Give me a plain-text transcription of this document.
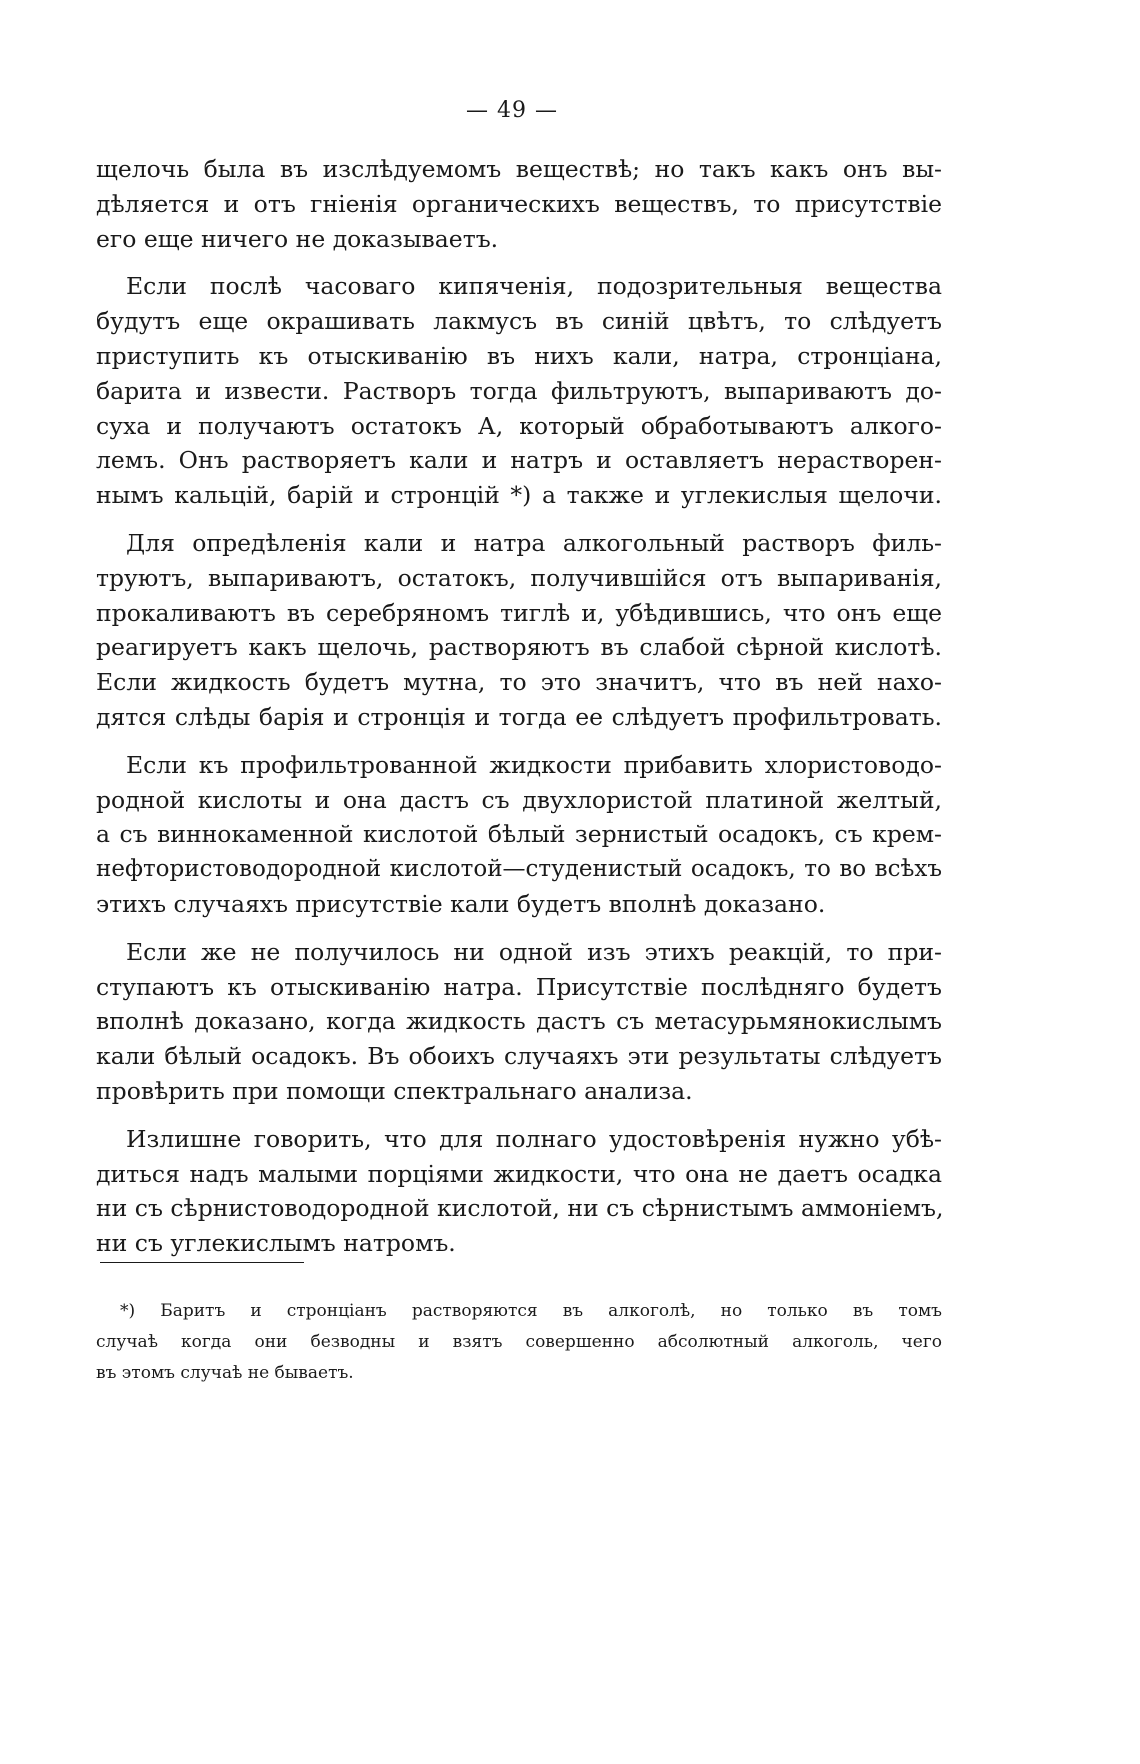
— 49 —

щелочь была въ изслѣдуемомъ веществѣ; но такъ какъ онъ вы-
дѣляется и отъ гніенія органическихъ веществъ, то присутствіе
его еще ничего не доказываетъ.

Если послѣ часоваго кипяченія, подозрительныя вещества
будутъ еще окрашивать лакмусъ въ синій цвѣтъ, то слѣдуетъ
приступить къ отыскиванію въ нихъ кали, натра, стронціана,
барита и извести. Растворъ тогда фильтруютъ, выпариваютъ до-
суха и получаютъ остатокъ А, который обработываютъ алкого-
лемъ. Онъ растворяетъ кали и натръ и оставляетъ нерастворен-
нымъ кальцій, барій и стронцій *) а также и углекислыя щелочи.

Для опредѣленія кали и натра алкогольный растворъ филь-
труютъ, выпариваютъ, остатокъ, получившійся отъ выпариванія,
прокаливаютъ въ серебряномъ тиглѣ и, убѣдившись, что онъ еще
реагируетъ какъ щелочь, растворяютъ въ слабой сѣрной кислотѣ.
Если жидкость будетъ мутна, то это значитъ, что въ ней нахо-
дятся слѣды барія и стронція и тогда ее слѣдуетъ профильтровать.

Если къ профильтрованной жидкости прибавить хлористоводо-
родной кислоты и она дастъ съ двухлористой платиной желтый,
а съ виннокаменной кислотой бѣлый зернистый осадокъ, съ крем-
нефтористоводородной кислотой—студенистый осадокъ, то во всѣхъ
этихъ случаяхъ присутствіе кали будетъ вполнѣ доказано.

Если же не получилось ни одной изъ этихъ реакцій, то при-
ступаютъ къ отыскиванію натра. Присутствіе послѣдняго будетъ
вполнѣ доказано, когда жидкость дастъ съ метасурьмянокислымъ
кали бѣлый осадокъ. Въ обоихъ случаяхъ эти результаты слѣдуетъ
провѣрить при помощи спектральнаго анализа.

Излишне говорить, что для полнаго удостовѣренія нужно убѣ-
диться надъ малыми порціями жидкости, что она не даетъ осадка
ни съ сѣрнистоводородной кислотой, ни съ сѣрнистымъ аммоніемъ,
ни съ углекислымъ натромъ.

*) Баритъ и стронціанъ растворяются въ алкоголѣ, но только въ томъ
случаѣ когда они безводны и взятъ совершенно абсолютный алкоголь, чего
въ этомъ случаѣ не бываетъ.
